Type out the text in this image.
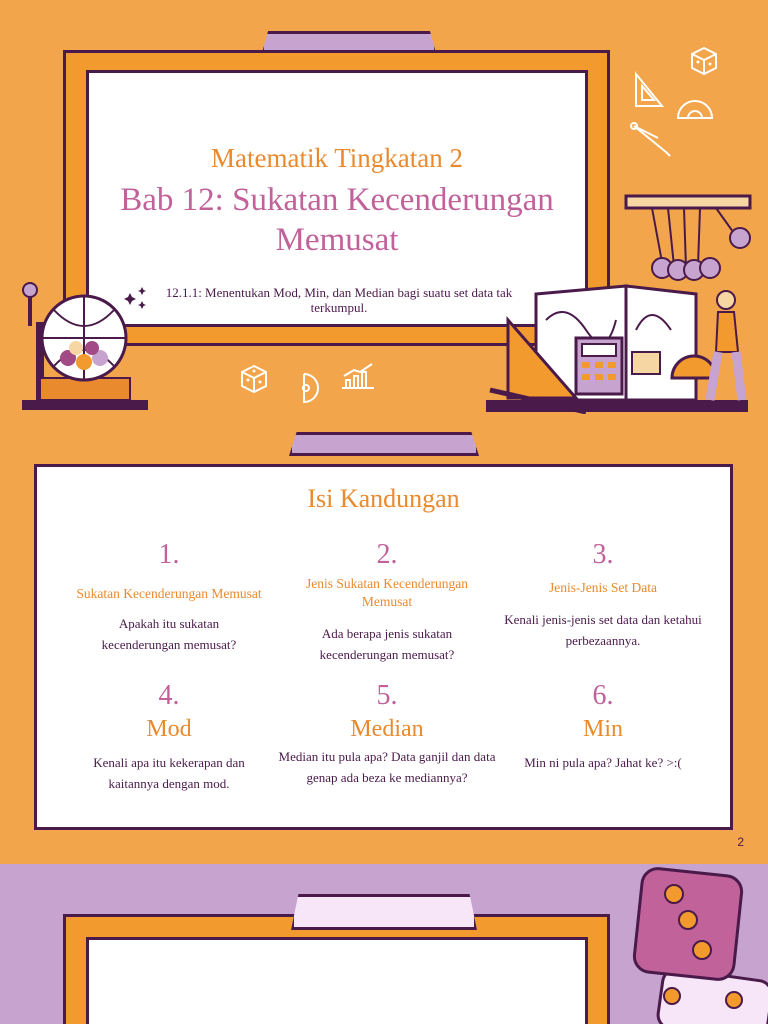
Matematik Tingkatan 2
Bab 12: Sukatan Kecenderungan
Memusat
12.1.1: Menentukan Mod, Min, dan Median bagi suatu set data tak terkumpul.
Isi Kandungan
1.
Sukatan Kecenderungan Memusat
Apakah itu sukatan kecenderungan memusat?
2.
Jenis Sukatan Kecenderungan Memusat
Ada berapa jenis sukatan kecenderungan memusat?
3.
Jenis-Jenis Set Data
Kenali jenis-jenis set data dan ketahui perbezaannya.
4.
Mod
Kenali apa itu kekerapan dan kaitannya dengan mod.
5.
Median
Median itu pula apa? Data ganjil dan data genap ada beza ke mediannya?
6.
Min
Min ni pula apa? Jahat ke? >:(
2
